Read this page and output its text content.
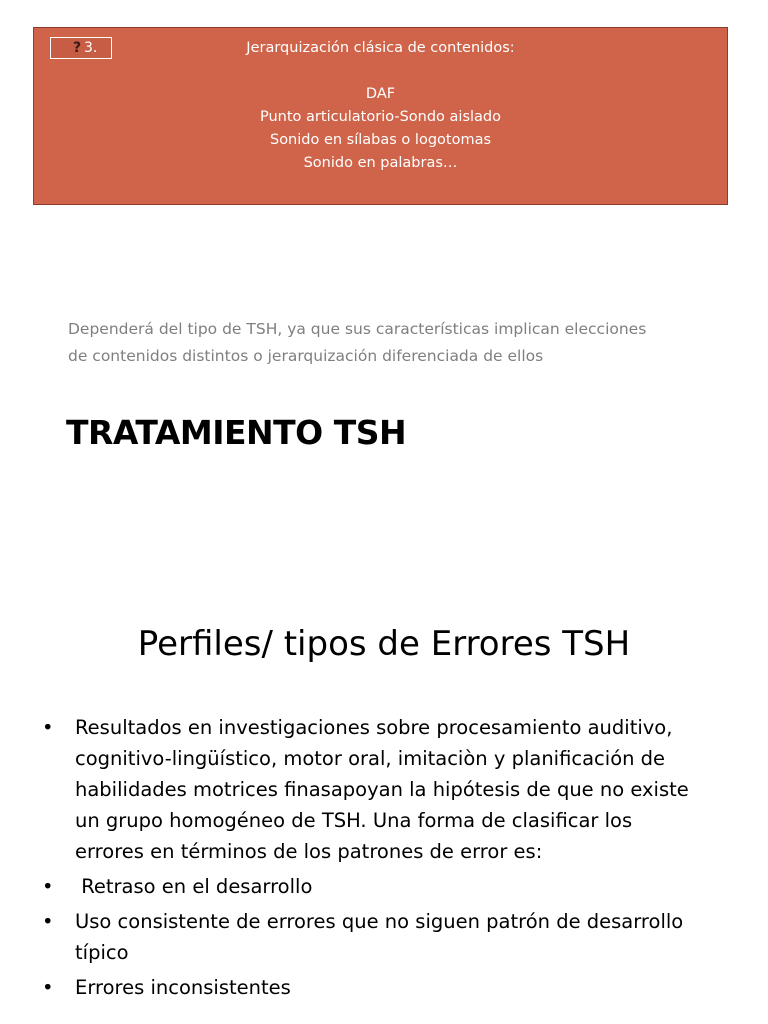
? 3.	Jerarquización clásica de contenidos:
DAF
Punto articulatorio-Sondo aislado
Sonido en sílabas o logotomas
Sonido en palabras…
Dependerá del tipo de TSH, ya que sus características implican elecciones
de contenidos distintos o jerarquización diferenciada de ellos
TRATAMIENTO TSH
Perfiles/ tipos de Errores TSH
• Resultados en investigaciones sobre procesamiento auditivo,
cognitivo-lingüístico, motor oral, imitaciòn y planificación de
habilidades motrices finasapoyan la hipótesis de que no existe
un grupo homogéneo de TSH. Una forma de clasificar los
errores en términos de los patrones de error es:
• Retraso en el desarrollo
• Uso consistente de errores que no siguen patrón de desarrollo
típico
• Errores inconsistentes
